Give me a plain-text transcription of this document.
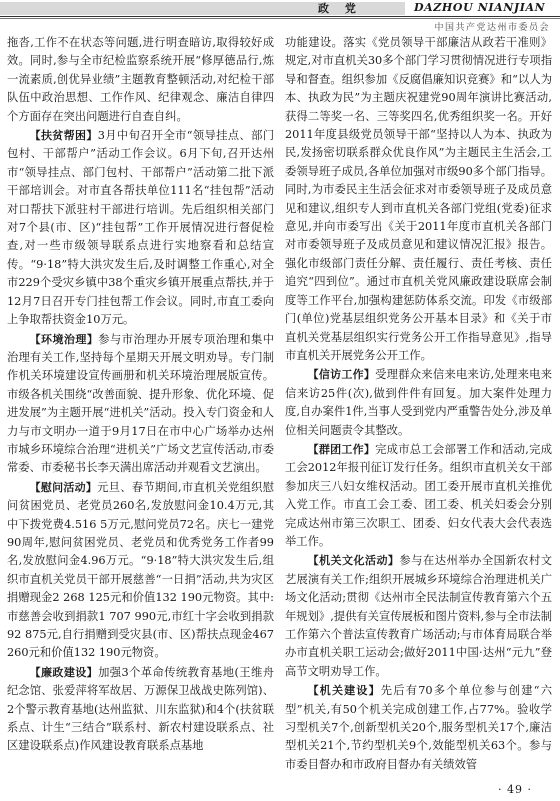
政 党	DAZHOU NIANJIAN
中国共产党达州市委员会

拖沓,工作不在状态等问题,进行明查暗访,取得较好成效。同时,参与全市纪检监察系统开展“修厚德品行,炼一流素质,创优异业绩”主题教育整顿活动,对纪检干部队伍中政治思想、工作作风、纪律观念、廉洁自律四个方面存在突出问题进行自查自纠。

【扶贫帮困】3月中旬召开全市“领导挂点、部门包村、干部帮户”活动工作会议。6月下旬,召开达州市“领导挂点、部门包村、干部帮户”活动第二批下派干部培训会。对市直各帮扶单位111名“挂包帮”活动对口帮扶下派驻村干部进行培训。先后组织相关部门对7个县(市、区)“挂包帮”工作开展情况进行督促检查,对一些市级领导联系点进行实地察看和总结宣传。“9·18”特大洪灾发生后,及时调整工作重心,对全市229个受灾乡镇中38个重灾乡镇开展重点帮扶,并于12月7日召开专门挂包帮工作会议。同时,市直工委向上争取帮扶资金10万元。

【环境治理】参与市治理办开展专项治理和集中治理有关工作,坚持每个星期天开展文明劝导。专门制作机关环境建设宣传画册和机关环境治理展版宣传。市级各机关围绕“改善面貌、提升形象、优化环境、促进发展”为主题开展“进机关”活动。投入专门资金和人力与市文明办一道于9月17日在市中心广场举办达州市城乡环境综合治理“进机关”广场文艺宣传活动,市委常委、市委秘书长李天满出席活动并观看文艺演出。

【慰问活动】元旦、春节期间,市直机关党组织慰问贫困党员、老党员260名,发放慰问金10.4万元,其中下拨党费4.516 5万元,慰问党员72名。庆七一建党90周年,慰问贫困党员、老党员和优秀党务工作者99名,发放慰问金4.96万元。“9·18”特大洪灾发生后,组织市直机关党员干部开展慈善“一日捐”活动,共为灾区捐赠现金2 268 125元和价值132 190元物资。其中:市慈善会收到捐款1 707 990元,市红十字会收到捐款92 875元,自行捐赠到受灾县(市、区)帮扶点现金467 260元和价值132 190元物资。

【廉政建设】加强3个革命传统教育基地(王维舟纪念馆、张爱萍将军故居、万源保卫战战史陈列馆)、2个警示教育基地(达州监狱、川东监狱)和4个(扶贫联系点、计生“三结合”联系村、新农村建设联系点、社区建设联系点)作风建设教育联系点基地

功能建设。落实《党员领导干部廉洁从政若干准则》规定,对市直机关30多个部门学习贯彻情况进行专项指导和督查。组织参加《反腐倡廉知识竞赛》和“以人为本、执政为民”为主题庆祝建党90周年演讲比赛活动,获得二等奖一名、三等奖四名,优秀组织奖一名。开好2011年度县级党员领导干部“坚持以人为本、执政为民,发扬密切联系群众优良作风”为主题民主生活会,工委领导班子成员,各单位加强对市级90多个部门指导。同时,为市委民主生活会征求对市委领导班子及成员意见和建议,组织专人到市直机关各部门党组(党委)征求意见,并向市委写出《关于2011年度市直机关各部门对市委领导班子及成员意见和建议情况汇报》报告。强化市级部门责任分解、责任履行、责任考核、责任追究“四到位”。通过市直机关党风廉政建设联席会制度等工作平台,加强构建惩防体系交流。印发《市级部门(单位)党基层组织党务公开基本目录》和《关于市直机关党基层组织实行党务公开工作指导意见》,指导市直机关开展党务公开工作。

【信访工作】受理群众来信来电来访,处理来电来信来访25件(次),做到件件有回复。加大案件处理力度,自办案件1件,当事人受到党内严重警告处分,涉及单位相关问题责令其整改。

【群团工作】完成市总工会部署工作和活动,完成工会2012年报刊征订发行任务。组织市直机关女干部参加庆三八妇女维权活动。团工委开展市直机关推优入党工作。市直工会工委、团工委、机关妇委会分别完成达州市第三次职工、团委、妇女代表大会代表选举工作。

【机关文化活动】参与在达州举办全国新农村文艺展演有关工作;组织开展城乡环境综合治理进机关广场文化活动;贯彻《达州市全民法制宣传教育第六个五年规划》,提供有关宣传展板和图片资料,参与全市法制工作第六个普法宣传教育广场活动;与市体育局联合举办市直机关职工运动会;做好2011中国·达州“元九”登高节文明劝导工作。

【机关建设】先后有70多个单位参与创建“六型”机关,有50个机关完成创建工作,占77%。验收学习型机关7个,创新型机关20个,服务型机关17个,廉洁型机关21个,节约型机关9个,效能型机关63个。参与市委目督办和市政府目督办有关绩效管

· 49 ·
